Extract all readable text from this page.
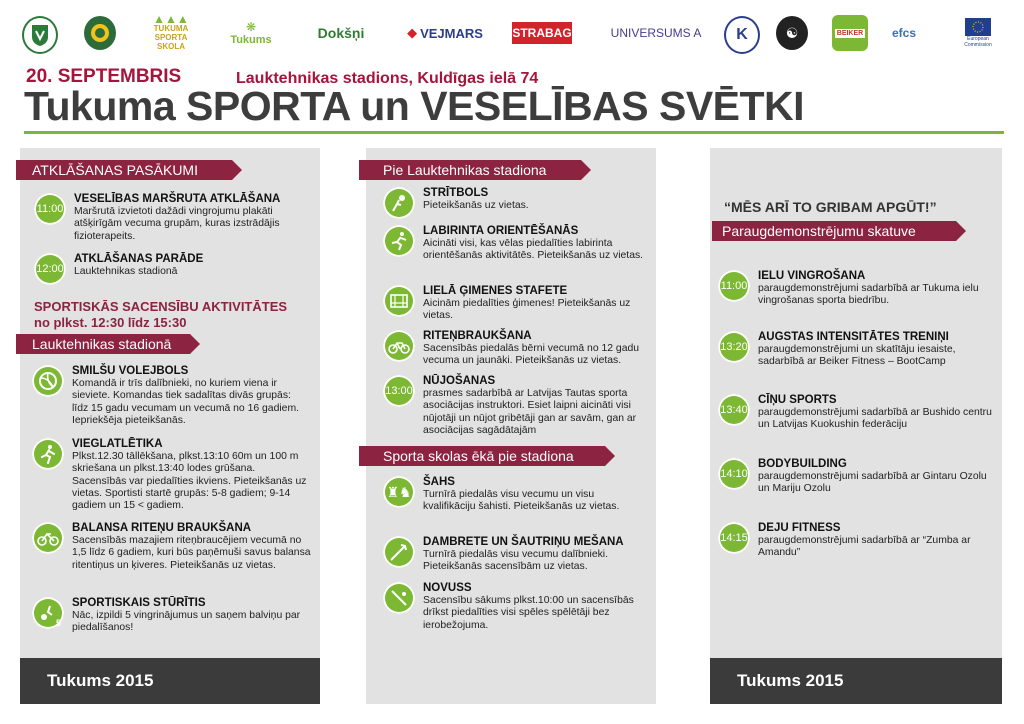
▲▲▲
TUKUMA SPORTA SKOLA
❋
Tukums	Dokšņi	◆ VEJMARS STRABAG	UNIVERSUMS A K	☯	BEIKER efcs	European Commission
20. SEPTEMBRIS	Lauktehnikas stadions, Kuldīgas ielā 74
Tukuma SPORTA un VESELĪBAS SVĒTKI
Tukums 2015
ATKLĀŠANAS PASĀKUMI
11:00
VESELĪBAS MARŠRUTA ATKLĀŠANA
Maršrutā izvietoti dažādi vingrojumu plakāti atšķirīgām vecuma grupām, kuras izstrādājis fizioterapeits.
12:00
ATKLĀŠANAS PARĀDE
Lauktehnikas stadionā
SPORTISKĀS SACENSĪBU AKTIVITĀTES
no plkst. 12:30 līdz 15:30
Lauktehnikas stadionā
SMILŠU VOLEJBOLS
Komandā ir trīs dalībnieki, no kuriem viena ir sieviete. Komandas tiek sadalītas divās grupās: līdz 15 gadu vecumam un vecumā no 16 gadiem. Iepriekšēja pieteikšanās.
VIEGLATLĒTIKA
Plkst.12.30 tāllēkšana, plkst.13:10 60m un 100 m skriešana un plkst.13:40 lodes grūšana. Sacensībās var piedalīties ikviens. Pieteikšanās uz vietas. Sportisti startē grupās: 5-8 gadiem; 9-14 gadiem un 15 < gadiem.
BALANSA RITEŅU BRAUKŠANA
Sacensībās mazajiem riteņbraucējiem vecumā no 1,5 līdz 6 gadiem, kuri būs paņēmuši savus balansa ritentiņus un ķiveres. Pieteikšanās uz vietas.
5
SPORTISKAIS STŪRĪTIS
Nāc, izpildi 5 vingrinājumus un saņem balviņu par piedalīšanos!
Pie Lauktehnikas stadiona
STRĪTBOLS
Pieteikšanās uz vietas.
LABIRINTA ORIENTĒŠANĀS
Aicināti visi, kas vēlas piedalīties labirinta orientēšanās aktivitātēs. Pieteikšanās uz vietas.
LIELĀ ĢIMENES STAFETE
Aicinām piedalīties ģimenes! Pieteikšanās uz vietas.
RITEŅBRAUKŠANA
Sacensībās piedalās bērni vecumā no 12 gadu vecuma un jaunāki. Pieteikšanās uz vietas.
13:00
NŪJOŠANAS
prasmes sadarbībā ar Latvijas Tautas sporta asociācijas instruktori. Esiet laipni aicināti visi nūjotāji un nūjot gribētāji gan ar savām, gan ar asociācijas sagādātajām
Sporta skolas ēkā pie stadiona
♜♞
ŠAHS
Turnīrā piedalās visu vecumu un visu kvalifikāciju šahisti. Pieteikšanās uz vietas.
DAMBRETE UN ŠAUTRIŅU MEŠANA
Turnīrā piedalās visu vecumu dalībnieki. Pieteikšanās sacensībām uz vietas.
NOVUSS
Sacensību sākums plkst.10:00 un sacensībās drīkst piedalīties visi spēles spēlētāji bez ierobežojuma.
Tukums 2015
“MĒS ARĪ TO GRIBAM APGŪT!”
Paraugdemonstrējumu skatuve
11:00
IELU VINGROŠANA
paraugdemonstrējumi sadarbībā ar Tukuma ielu vingrošanas sporta biedrību.
13:20
AUGSTAS INTENSITĀTES TRENIŅI
paraugdemonstrējumi un skatītāju iesaiste, sadarbībā ar Beiker Fitness – BootCamp
13:40
CĪŅU SPORTS
paraugdemonstrējumi sadarbībā ar Bushido centru un Latvijas Kuokushin federāciju
14:10
BODYBUILDING
paraugdemonstrējumi sadarbībā ar Gintaru Ozolu un Mariju Ozolu
14:15
DEJU FITNESS
paraugdemonstrējumi sadarbībā ar “Zumba ar Amandu”
